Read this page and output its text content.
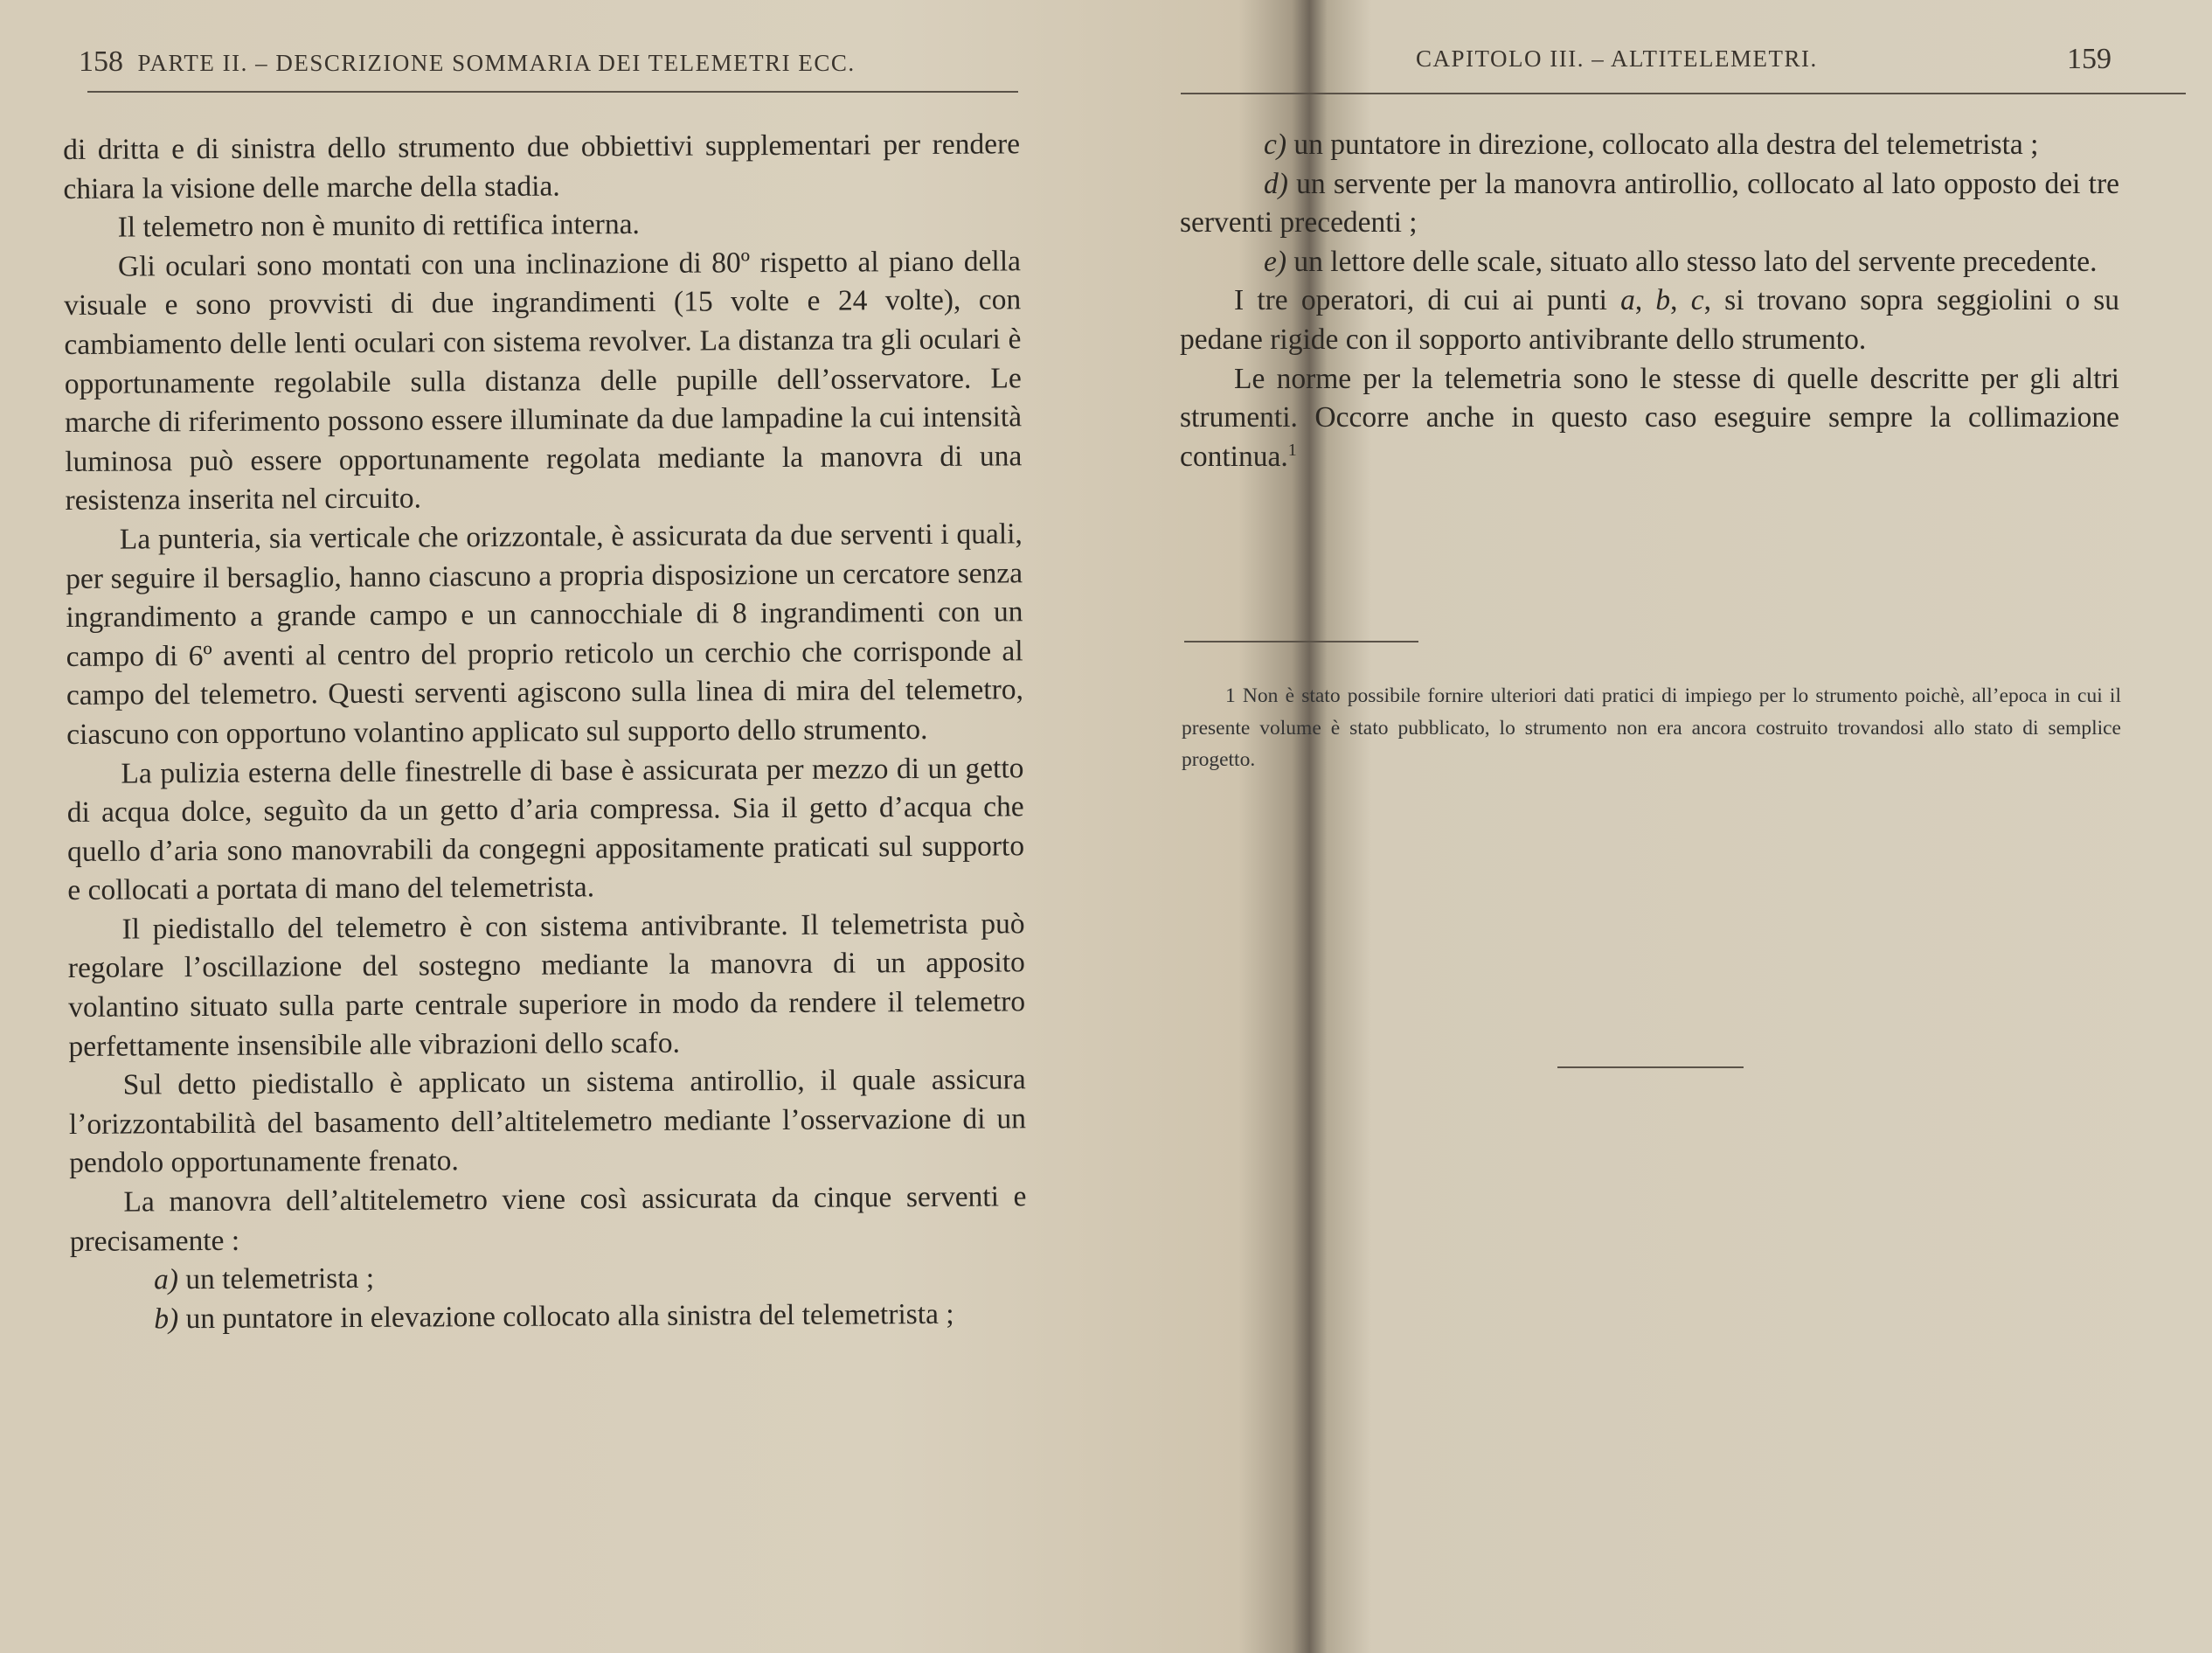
158 PARTE II. – DESCRIZIONE SOMMARIA DEI TELEMETRI ECC.

di dritta e di sinistra dello strumento due obbiettivi supplementari per rendere chiara la visione delle marche della stadia.

Il telemetro non è munito di rettifica interna.

Gli oculari sono montati con una inclinazione di 80º rispetto al piano della visuale e sono provvisti di due ingrandimenti (15 volte e 24 volte), con cambiamento delle lenti oculari con sistema revolver. La distanza tra gli oculari è opportunamente regolabile sulla distanza delle pupille dell’osservatore. Le marche di riferimento possono essere illuminate da due lampadine la cui intensità luminosa può essere opportunamente regolata mediante la manovra di una resistenza inserita nel circuito.

La punteria, sia verticale che orizzontale, è assicurata da due serventi i quali, per seguire il bersaglio, hanno ciascuno a propria disposizione un cercatore senza ingrandimento a grande campo e un cannocchiale di 8 ingrandimenti con un campo di 6º aventi al centro del proprio reticolo un cerchio che corrisponde al campo del telemetro. Questi serventi agiscono sulla linea di mira del telemetro, ciascuno con opportuno volantino applicato sul supporto dello strumento.

La pulizia esterna delle finestrelle di base è assicurata per mezzo di un getto di acqua dolce, seguìto da un getto d’aria compressa. Sia il getto d’acqua che quello d’aria sono manovrabili da congegni appositamente praticati sul supporto e collocati a portata di mano del telemetrista.

Il piedistallo del telemetro è con sistema antivibrante. Il telemetrista può regolare l’oscillazione del sostegno mediante la manovra di un apposito volantino situato sulla parte centrale superiore in modo da rendere il telemetro perfettamente insensibile alle vibrazioni dello scafo.

Sul detto piedistallo è applicato un sistema antirollio, il quale assicura l’orizzontabilità del basamento dell’altitelemetro mediante l’osservazione di un pendolo opportunamente frenato.

La manovra dell’altitelemetro viene così assicurata da cinque serventi e precisamente :

a) un telemetrista ;

b) un puntatore in elevazione collocato alla sinistra del telemetrista ;

CAPITOLO III. – ALTITELEMETRI.	159

c) un puntatore in direzione, collocato alla destra del telemetrista ;

d) un servente per la manovra antirollio, collocato al lato opposto dei tre serventi precedenti ;

e) un lettore delle scale, situato allo stesso lato del servente precedente.

I tre operatori, di cui ai punti a, b, c, si trovano sopra seggiolini o su pedane rigide con il sopporto antivibrante dello strumento.

Le norme per la telemetria sono le stesse di quelle descritte per gli altri strumenti. Occorre anche in questo caso eseguire sempre la collimazione continua.$^1$

1 Non è stato possibile fornire ulteriori dati pratici di impiego per lo strumento poichè, all’epoca in cui il presente volume è stato pubblicato, lo strumento non era ancora costruito trovandosi allo stato di semplice progetto.
